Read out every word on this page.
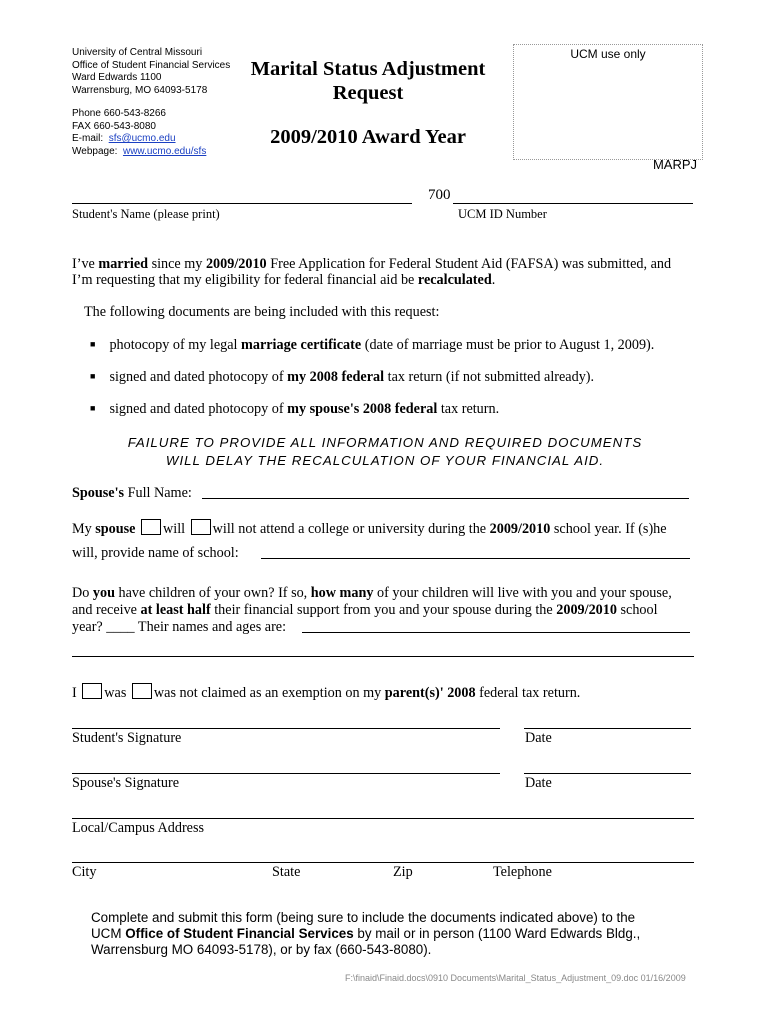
University of Central Missouri
Office of Student Financial Services
Ward Edwards 1100
Warrensburg, MO 64093-5178
Phone 660-543-8266
FAX 660-543-8080
E-mail: sfs@ucmo.edu
Webpage: www.ucmo.edu/sfs
Marital Status Adjustment
Request
2009/2010 Award Year
UCM use only
MARPJ
700
Student's Name (please print)	UCM ID Number
I’ve married since my 2009/2010 Free Application for Federal Student Aid (FAFSA) was submitted, and
I’m requesting that my eligibility for federal financial aid be recalculated.
The following documents are being included with this request:
■ photocopy of my legal marriage certificate (date of marriage must be prior to August 1, 2009).
■ signed and dated photocopy of my 2008 federal tax return (if not submitted already).
■ signed and dated photocopy of my spouse's 2008 federal tax return.
FAILURE TO PROVIDE ALL INFORMATION AND REQUIRED DOCUMENTS
WILL DELAY THE RECALCULATION OF YOUR FINANCIAL AID.
Spouse's Full Name:
My spouse will will not attend a college or university during the 2009/2010 school year. If (s)he
will, provide name of school:
Do you have children of your own? If so, how many of your children will live with you and your spouse,
and receive at least half their financial support from you and your spouse during the 2009/2010 school
year? ____ Their names and ages are:
I was was not claimed as an exemption on my parent(s)' 2008 federal tax return.
Student's Signature	Date
Spouse's Signature	Date
Local/Campus Address
City	State	Zip	Telephone
Complete and submit this form (being sure to include the documents indicated above) to the
UCM Office of Student Financial Services by mail or in person (1100 Ward Edwards Bldg.,
Warrensburg MO 64093-5178), or by fax (660-543-8080).
F:\finaid\Finaid.docs\0910 Documents\Marital_Status_Adjustment_09.doc 01/16/2009
